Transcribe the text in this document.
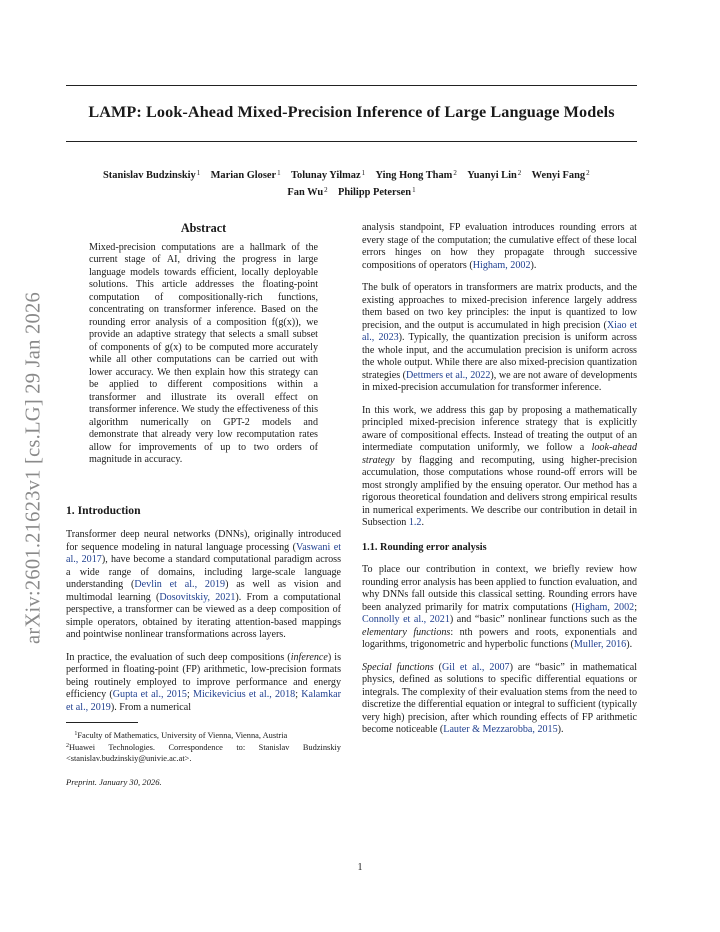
arXiv:2601.21623v1 [cs.LG] 29 Jan 2026
LAMP: Look-Ahead Mixed-Precision Inference of Large Language Models
Stanislav Budzinskiy$^1$  Marian Gloser$^1$  Tolunay Yilmaz$^1$  Ying Hong Tham$^2$  Yuanyi Lin$^2$  Wenyi Fang$^2$ 
Fan Wu$^2$  Philipp Petersen$^1$
Abstract

Mixed-precision computations are a hallmark of the current stage of AI, driving the progress in large language models towards efficient, locally deployable solutions. This article addresses the floating-point computation of compositionally-rich functions, concentrating on transformer inference. Based on the rounding error analysis of a composition f(g(x)), we provide an adaptive strategy that selects a small subset of components of g(x) to be computed more accurately while all other computations can be carried out with lower accuracy. We then explain how this strategy can be applied to different compositions within a transformer and illustrate its overall effect on transformer inference. We study the effectiveness of this algorithm numerically on GPT-2 models and demonstrate that already very low recomputation rates allow for improvements of up to two orders of magnitude in accuracy.

1. Introduction

Transformer deep neural networks (DNNs), originally introduced for sequence modeling in natural language processing (Vaswani et al., 2017), have become a standard computational paradigm across a wide range of domains, including large-scale language understanding (Devlin et al., 2019) as well as vision and multimodal learning (Dosovitskiy, 2021). From a computational perspective, a transformer can be viewed as a deep composition of simple operators, obtained by iterating attention-based mappings and pointwise nonlinear transformations across layers.

In practice, the evaluation of such deep compositions (inference) is performed in floating-point (FP) arithmetic, low-precision formats being routinely employed to improve performance and energy efficiency (Gupta et al., 2015; Micikevicius et al., 2018; Kalamkar et al., 2019). From a numerical

$^1$Faculty of Mathematics, University of Vienna, Vienna, Austria

$^2$Huawei Technologies. Correspondence to: Stanislav Budzinskiy <stanislav.budzinskiy@univie.ac.at>.

Preprint. January 30, 2026.

analysis standpoint, FP evaluation introduces rounding errors at every stage of the computation; the cumulative effect of these local errors hinges on how they propagate through successive compositions of operators (Higham, 2002).

The bulk of operators in transformers are matrix products, and the existing approaches to mixed-precision inference largely address them based on two key principles: the input is quantized to low precision, and the output is accumulated in high precision (Xiao et al., 2023). Typically, the quantization precision is uniform across the whole input, and the accumulation precision is uniform across the whole output. While there are also mixed-precision quantization strategies (Dettmers et al., 2022), we are not aware of developments in mixed-precision accumulation for transformer inference.

In this work, we address this gap by proposing a mathematically principled mixed-precision inference strategy that is explicitly aware of compositional effects. Instead of treating the output of an intermediate computation uniformly, we follow a look-ahead strategy by flagging and recomputing, using higher-precision accumulation, those computations whose round-off errors will be most strongly amplified by the ensuing operator. Our method has a rigorous theoretical foundation and delivers strong empirical results in numerical experiments. We describe our contribution in detail in Subsection 1.2.

1.1. Rounding error analysis

To place our contribution in context, we briefly review how rounding error analysis has been applied to function evaluation, and why DNNs fall outside this classical setting. Rounding errors have been analyzed primarily for matrix computations (Higham, 2002; Connolly et al., 2021) and “basic” nonlinear functions such as the elementary functions: nth powers and roots, exponentials and logarithms, trigonometric and hyperbolic functions (Muller, 2016).

Special functions (Gil et al., 2007) are “basic” in mathematical physics, defined as solutions to specific differential equations or integrals. The complexity of their evaluation stems from the need to discretize the differential equation or integral to sufficient (typically very high) precision, after which rounding effects of FP arithmetic become noticeable (Lauter & Mezzarobba, 2015).

1
